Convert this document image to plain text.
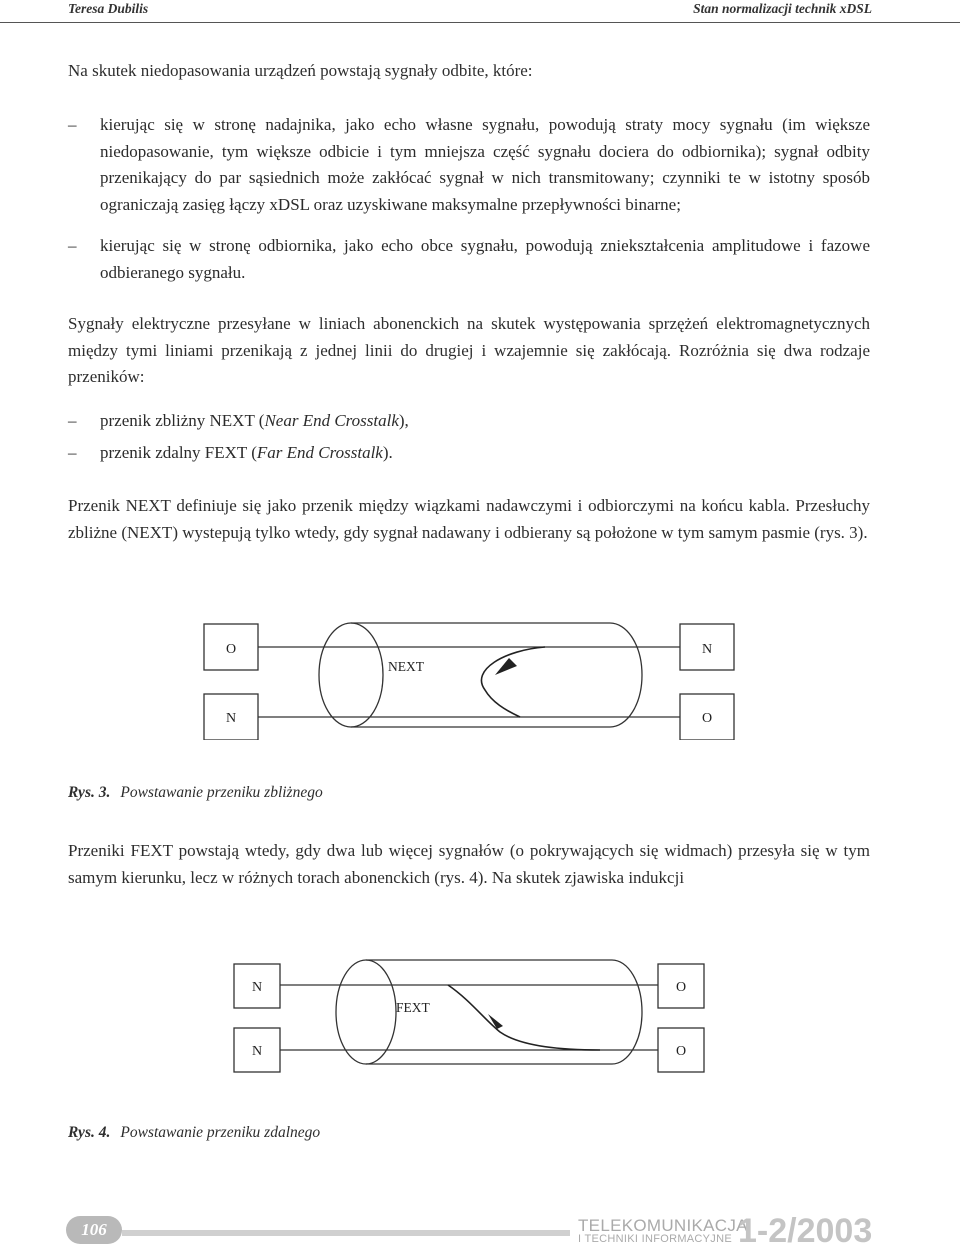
Teresa Dubilis	Stan normalizacji technik xDSL

Na skutek niedopasowania urządzeń powstają sygnały odbite, które:

–	kierując się w stronę nadajnika, jako echo własne sygnału, powodują straty mocy sygnału (im większe niedopasowanie, tym większe odbicie i tym mniejsza część sygnału dociera do odbiornika); sygnał odbity przenikający do par sąsiednich może zakłócać sygnał w nich transmitowany; czynniki te w istotny sposób ograniczają zasięg łączy xDSL oraz uzyskiwane maksymalne przepływności binarne;
–	kierując się w stronę odbiornika, jako echo obce sygnału, powodują zniekształcenia amplitudowe i fazowe odbieranego sygnału.

Sygnały elektryczne przesyłane w liniach abonenckich na skutek występowania sprzężeń elektromagnetycznych między tymi liniami przenikają z jednej linii do drugiej i wzajemnie się zakłócają. Rozróżnia się dwa rodzaje przeników:

–	przenik zbliżny NEXT (Near End Crosstalk),
–	przenik zdalny FEXT (Far End Crosstalk).

Przenik NEXT definiuje się jako przenik między wiązkami nadawczymi i odbiorczymi na końcu kabla. Przesłuchy zbliżne (NEXT) wystepują tylko wtedy, gdy sygnał nadawany i odbierany są położone w tym samym pasmie (rys. 3).

O
N
N
O
NEXT
Rys. 3. Powstawanie przeniku zbliżnego

Przeniki FEXT powstają wtedy, gdy dwa lub więcej sygnałów (o pokrywających się widmach) przesyła się w tym samym kierunku, lecz w różnych torach abonenckich (rys. 4). Na skutek zjawiska indukcji

N
N
O
O
FEXT
Rys. 4. Powstawanie przeniku zdalnego
106	TELEKOMUNIKACJA
I TECHNIKI INFORMACYJNE 1-2/2003
